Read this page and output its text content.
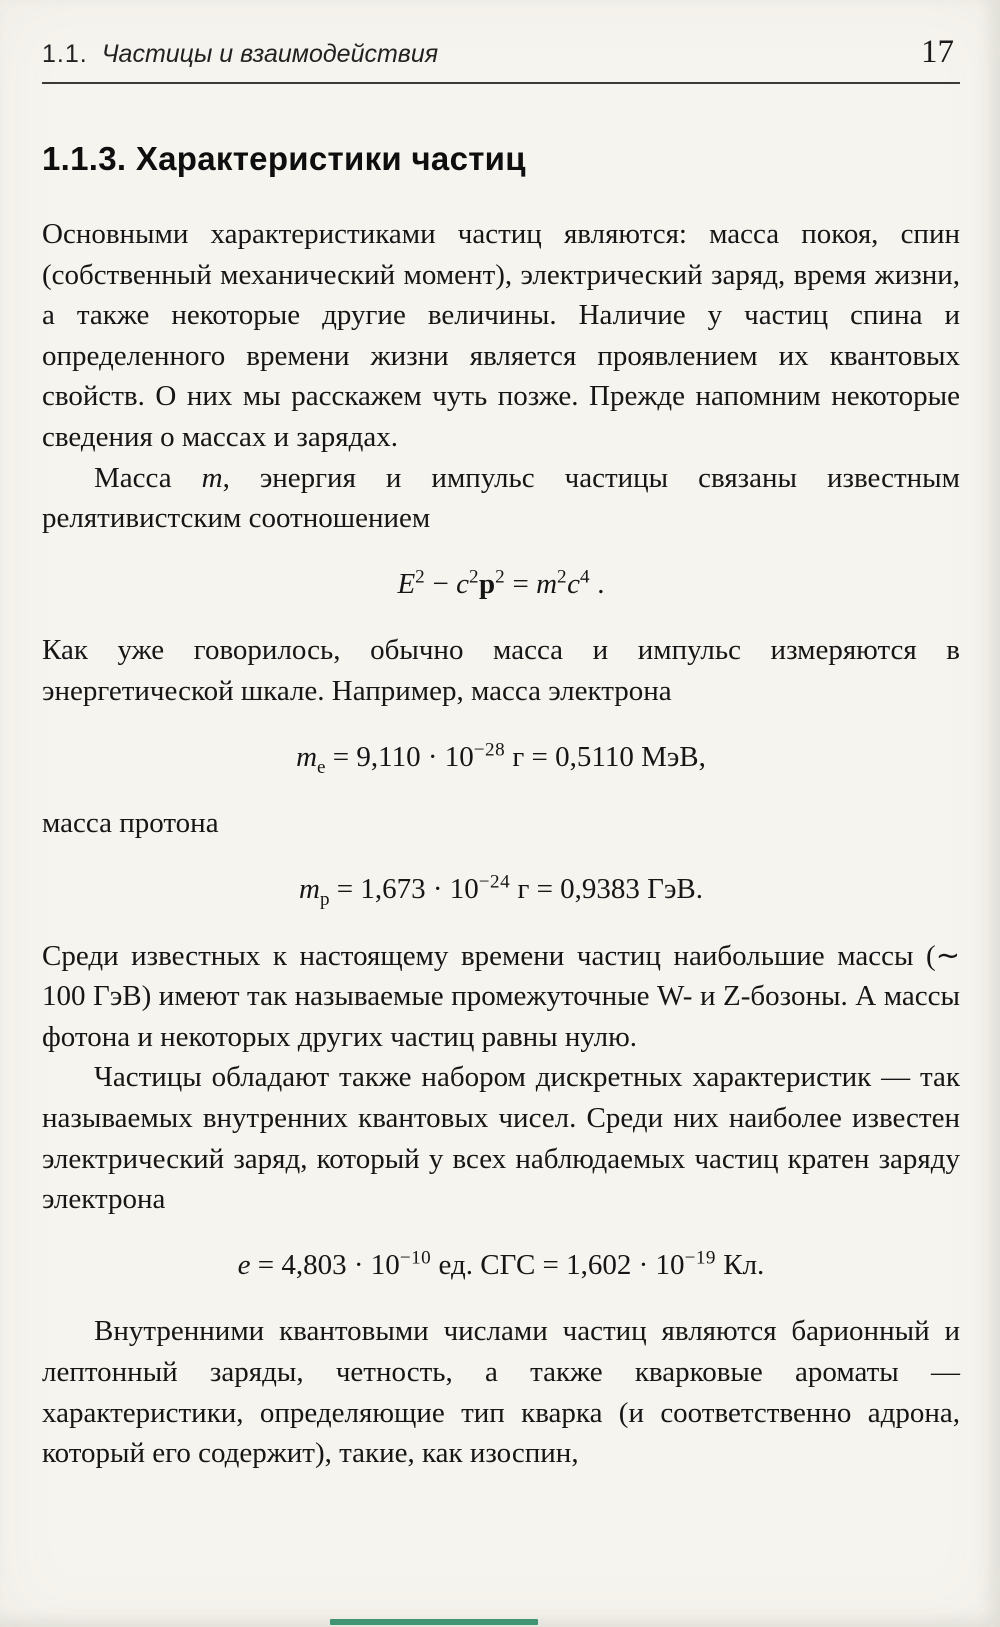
1.1. Частицы и взаимодействия	17
1.1.3. Характеристики частиц

Основными характеристиками частиц являются: масса покоя, спин (собственный механический момент), электрический заряд, время жизни, а также некоторые другие величины. Наличие у частиц спина и определенного времени жизни является проявлением их квантовых свойств. О них мы расскажем чуть позже. Прежде напомним некоторые сведения о массах и зарядах.

Масса m, энергия и импульс частицы связаны известным релятивистским соотношением

$E^2 - c^2p^2 = m^2c^4$ .

Как уже говорилось, обычно масса и импульс измеряются в энергетической шкале. Например, масса электрона

$m_e = 9,110 \cdot 10^{-28}$ г = 0,5110 МэВ,

масса протона

$m_p = 1,673 \cdot 10^{-24}$ г = 0,9383 ГэВ.

Среди известных к настоящему времени частиц наибольшие массы (∼ 100 ГэВ) имеют так называемые промежуточные W- и Z-бозоны. А массы фотона и некоторых других частиц равны нулю.

Частицы обладают также набором дискретных характеристик — так называемых внутренних квантовых чисел. Среди них наиболее известен электрический заряд, который у всех наблюдаемых частиц кратен заряду электрона

$e = 4,803 \cdot 10^{-10}$ ед. СГС = $1,602 \cdot 10^{-19}$ Кл.

Внутренними квантовыми числами частиц являются барионный и лептонный заряды, четность, а также кварковые ароматы — характеристики, определяющие тип кварка (и соответственно адрона, который его содержит), такие, как изоспин,
